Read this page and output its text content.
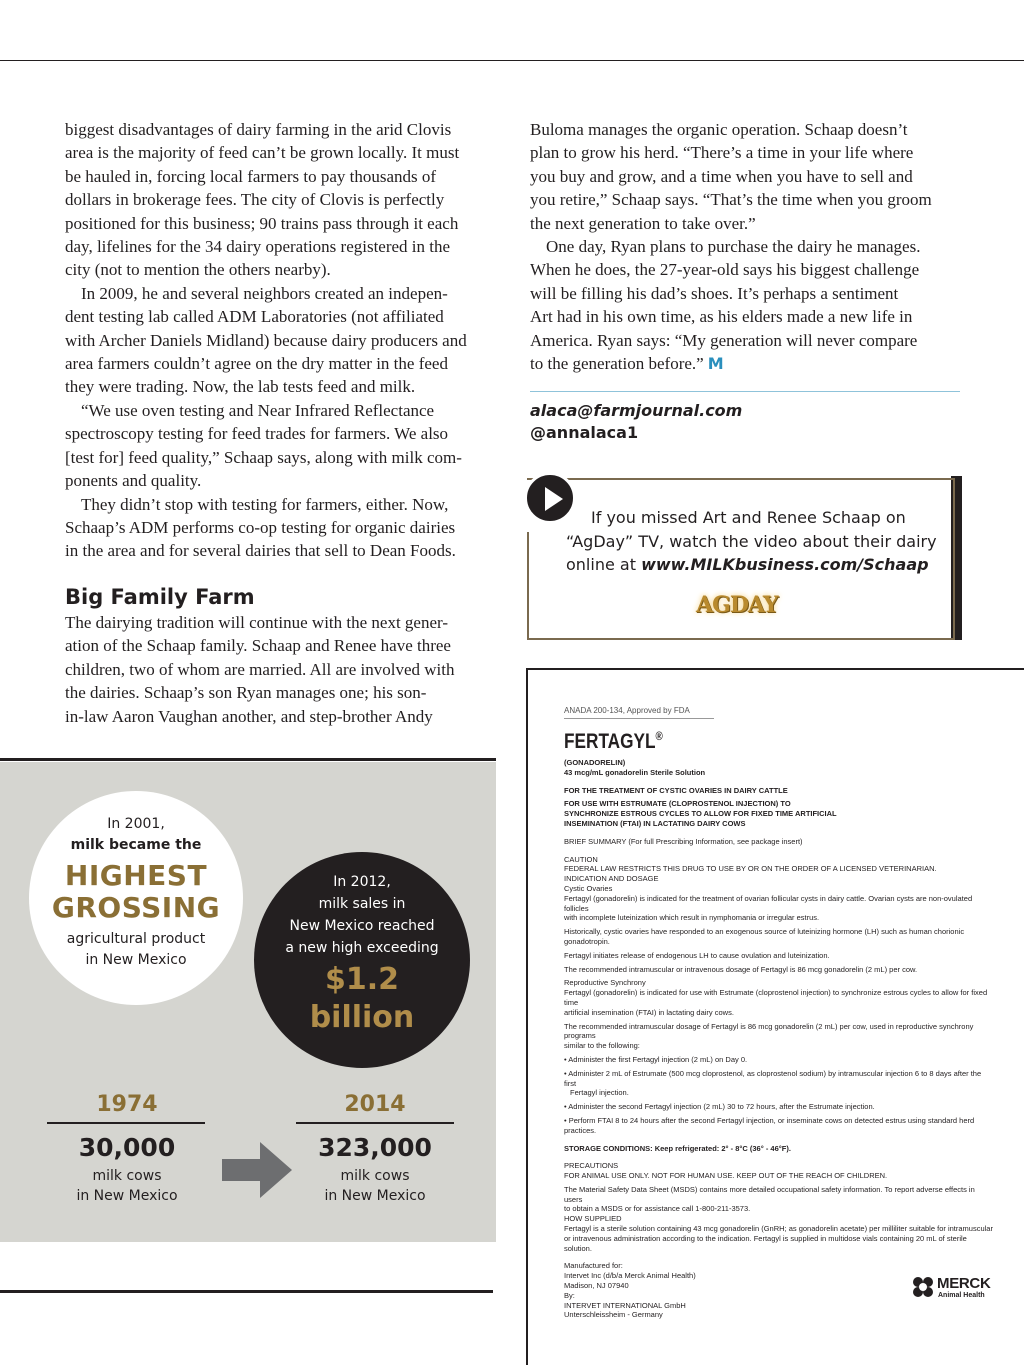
biggest disadvantages of dairy farming in the arid Clovis
area is the majority of feed can’t be grown locally. It must
be hauled in, forcing local farmers to pay thousands of
dollars in brokerage fees. The city of Clovis is perfectly
positioned for this business; 90 trains pass through it each
day, lifelines for the 34 dairy operations registered in the
city (not to mention the others nearby).
In 2009, he and several neighbors created an indepen-
dent testing lab called ADM Laboratories (not affiliated
with Archer Daniels Midland) because dairy producers and
area farmers couldn’t agree on the dry matter in the feed
they were trading. Now, the lab tests feed and milk.
“We use oven testing and Near Infrared Reflectance
spectroscopy testing for feed trades for farmers. We also
[test for] feed quality,” Schaap says, along with milk com-
ponents and quality.
They didn’t stop with testing for farmers, either. Now,
Schaap’s ADM performs co-op testing for organic dairies
in the area and for several dairies that sell to Dean Foods.
Big Family Farm
The dairying tradition will continue with the next gener-
ation of the Schaap family. Schaap and Renee have three
children, two of whom are married. All are involved with
the dairies. Schaap’s son Ryan manages one; his son-
in-law Aaron Vaughan another, and step-brother Andy
Buloma manages the organic operation. Schaap doesn’t
plan to grow his herd. “There’s a time in your life where
you buy and grow, and a time when you have to sell and
you retire,” Schaap says. “That’s the time when you groom
the next generation to take over.”
One day, Ryan plans to purchase the dairy he manages.
When he does, the 27-year-old says his biggest challenge
will be filling his dad’s shoes. It’s perhaps a sentiment
Art had in his own time, as his elders made a new life in
America. Ryan says: “My generation will never compare
to the generation before.” M
alaca@farmjournal.com
@annalaca1
If you missed Art and Renee Schaap on
“AgDay” TV, watch the video about their dairy
online at www.MILKbusiness.com/Schaap
AGDAY
In 2001,
milk became the
HIGHEST
GROSSING
agricultural product
in New Mexico
In 2012,
milk sales in
New Mexico reached
a new high exceeding
$1.2
billion
1974
30,000
milk cows
in New Mexico
2014
323,000
milk cows
in New Mexico
ANADA 200-134, Approved by FDA
FERTAGYL®
(GONADORELIN)
43 mcg/mL gonadorelin Sterile Solution
FOR THE TREATMENT OF CYSTIC OVARIES IN DAIRY CATTLE
FOR USE WITH ESTRUMATE (CLOPROSTENOL INJECTION) TO
SYNCHRONIZE ESTROUS CYCLES TO ALLOW FOR FIXED TIME ARTIFICIAL
INSEMINATION (FTAI) IN LACTATING DAIRY COWS
BRIEF SUMMARY (For full Prescribing Information, see package insert)
CAUTION
FEDERAL LAW RESTRICTS THIS DRUG TO USE BY OR ON THE ORDER OF A LICENSED VETERINARIAN.
INDICATION AND DOSAGE
Cystic Ovaries
Fertagyl (gonadorelin) is indicated for the treatment of ovarian follicular cysts in dairy cattle. Ovarian cysts are non-ovulated follicles
with incomplete luteinization which result in nymphomania or irregular estrus.
Historically, cystic ovaries have responded to an exogenous source of luteinizing hormone (LH) such as human chorionic gonadotropin.
Fertagyl initiates release of endogenous LH to cause ovulation and luteinization.
The recommended intramuscular or intravenous dosage of Fertagyl is 86 mcg gonadorelin (2 mL) per cow.
Reproductive Synchrony
Fertagyl (gonadorelin) is indicated for use with Estrumate (cloprostenol injection) to synchronize estrous cycles to allow for fixed time
artificial insemination (FTAI) in lactating dairy cows.
The recommended intramuscular dosage of Fertagyl is 86 mcg gonadorelin (2 mL) per cow, used in reproductive synchrony programs
similar to the following:
• Administer the first Fertagyl injection (2 mL) on Day 0.
• Administer 2 mL of Estrumate (500 mcg cloprostenol, as cloprostenol sodium) by intramuscular injection 6 to 8 days after the first
Fertagyl injection.
• Administer the second Fertagyl injection (2 mL) 30 to 72 hours, after the Estrumate injection.
• Perform FTAI 8 to 24 hours after the second Fertagyl injection, or inseminate cows on detected estrus using standard herd practices.
STORAGE CONDITIONS: Keep refrigerated: 2° - 8°C (36° - 46°F).
PRECAUTIONS
FOR ANIMAL USE ONLY. NOT FOR HUMAN USE. KEEP OUT OF THE REACH OF CHILDREN.
The Material Safety Data Sheet (MSDS) contains more detailed occupational safety information. To report adverse effects in users
to obtain a MSDS or for assistance call 1-800-211-3573.
HOW SUPPLIED
Fertagyl is a sterile solution containing 43 mcg gonadorelin (GnRH; as gonadorelin acetate) per milliliter suitable for intramuscular
or intravenous administration according to the indication. Fertagyl is supplied in multidose vials containing 20 mL of sterile solution.
Manufactured for:
Intervet Inc (d/b/a Merck Animal Health)
Madison, NJ 07940
By:
INTERVET INTERNATIONAL GmbH
Unterschleissheim - Germany
MERCK
Animal Health
